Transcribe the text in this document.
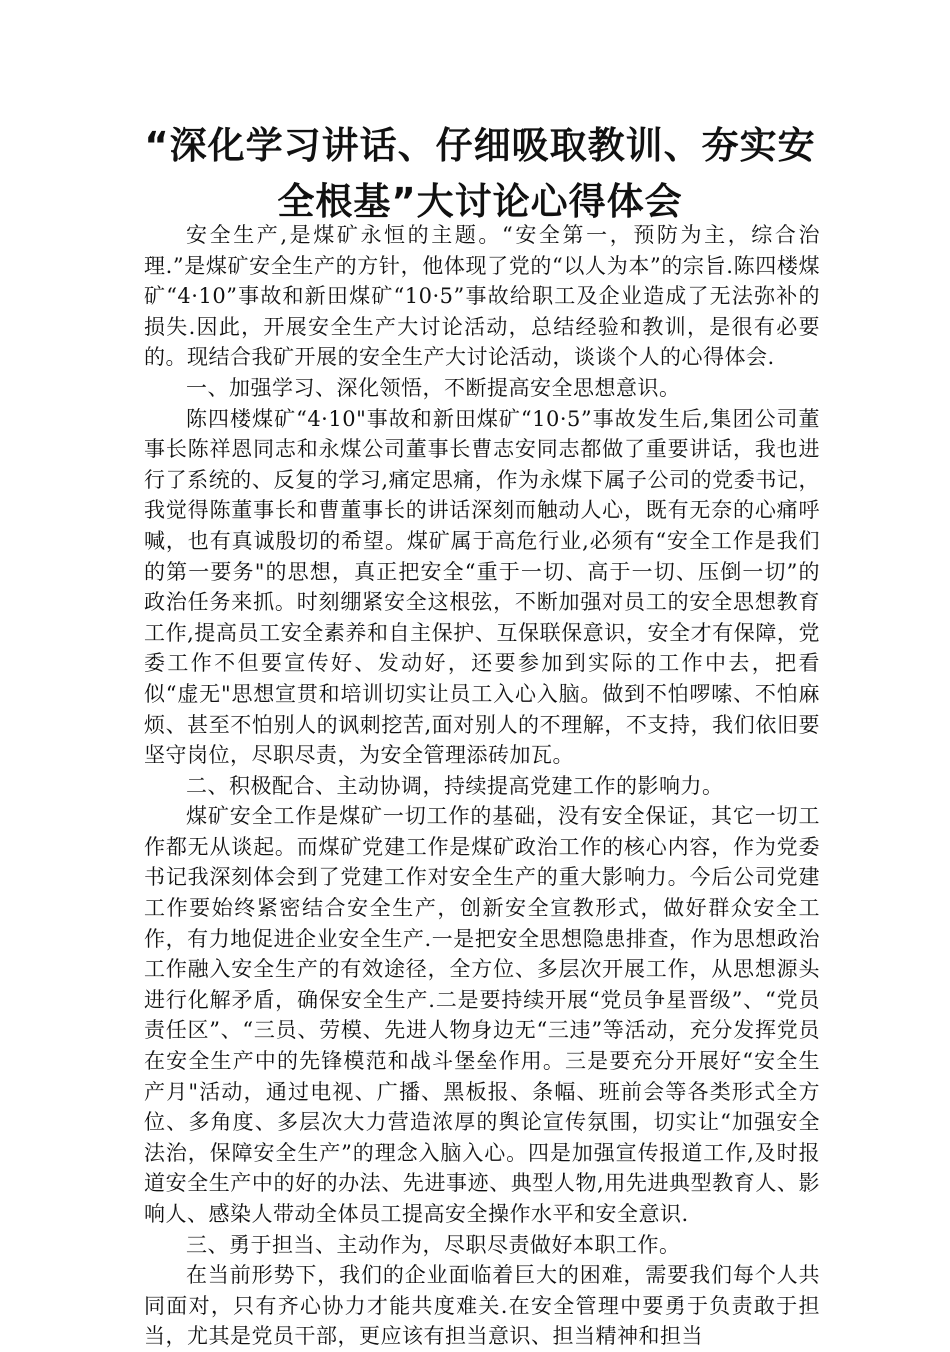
“深化学习讲话、仔细吸取教训、夯实安
全根基”大讨论心得体会

安全生产,是煤矿永恒的主题。“安全第一，预防为主，综合治理.”是煤矿安全生产的方针，他体现了党的“以人为本”的宗旨.陈四楼煤矿“4·10”事故和新田煤矿“10·5”事故给职工及企业造成了无法弥补的损失.因此，开展安全生产大讨论活动，总结经验和教训，是很有必要的。现结合我矿开展的安全生产大讨论活动，谈谈个人的心得体会.

一、加强学习、深化领悟，不断提高安全思想意识。

陈四楼煤矿“4·10"事故和新田煤矿“10·5”事故发生后,集团公司董事长陈祥恩同志和永煤公司董事长曹志安同志都做了重要讲话，我也进行了系统的、反复的学习,痛定思痛，作为永煤下属子公司的党委书记，我觉得陈董事长和曹董事长的讲话深刻而触动人心，既有无奈的心痛呼喊，也有真诚殷切的希望。煤矿属于高危行业,必须有“安全工作是我们的第一要务"的思想，真正把安全“重于一切、高于一切、压倒一切”的政治任务来抓。时刻绷紧安全这根弦，不断加强对员工的安全思想教育工作,提高员工安全素养和自主保护、互保联保意识，安全才有保障，党委工作不但要宣传好、发动好，还要参加到实际的工作中去，把看似“虚无"思想宣贯和培训切实让员工入心入脑。做到不怕啰嗦、不怕麻烦、甚至不怕别人的讽刺挖苦,面对别人的不理解，不支持，我们依旧要坚守岗位，尽职尽责，为安全管理添砖加瓦。

二、积极配合、主动协调，持续提高党建工作的影响力。

煤矿安全工作是煤矿一切工作的基础，没有安全保证，其它一切工作都无从谈起。而煤矿党建工作是煤矿政治工作的核心内容，作为党委书记我深刻体会到了党建工作对安全生产的重大影响力。今后公司党建工作要始终紧密结合安全生产，创新安全宣教形式，做好群众安全工作，有力地促进企业安全生产.一是把安全思想隐患排查，作为思想政治工作融入安全生产的有效途径，全方位、多层次开展工作，从思想源头进行化解矛盾，确保安全生产.二是要持续开展“党员争星晋级”、“党员责任区”、“三员、劳模、先进人物身边无“三违”等活动，充分发挥党员在安全生产中的先锋模范和战斗堡垒作用。三是要充分开展好“安全生产月"活动，通过电视、广播、黑板报、条幅、班前会等各类形式全方位、多角度、多层次大力营造浓厚的舆论宣传氛围，切实让“加强安全法治，保障安全生产”的理念入脑入心。四是加强宣传报道工作,及时报道安全生产中的好的办法、先进事迹、典型人物,用先进典型教育人、影响人、感染人带动全体员工提高安全操作水平和安全意识.

三、勇于担当、主动作为，尽职尽责做好本职工作。

在当前形势下，我们的企业面临着巨大的困难，需要我们每个人共同面对，只有齐心协力才能共度难关.在安全管理中要勇于负责敢于担当，尤其是党员干部，更应该有担当意识、担当精神和担当
